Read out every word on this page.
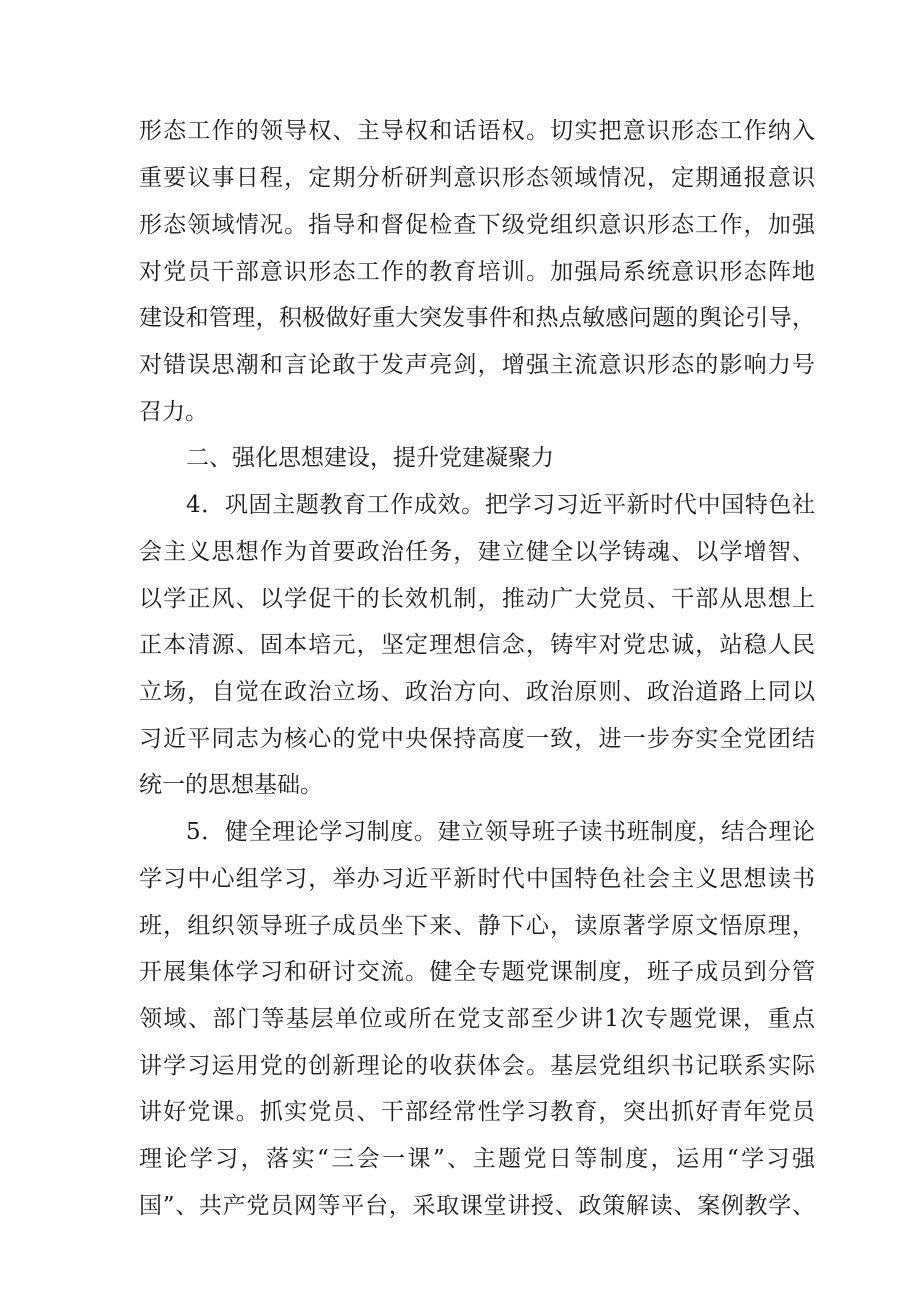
形态工作的领导权、主导权和话语权。切实把意识形态工作纳入
重要议事日程，定期分析研判意识形态领域情况，定期通报意识
形态领域情况。指导和督促检查下级党组织意识形态工作，加强
对党员干部意识形态工作的教育培训。加强局系统意识形态阵地
建设和管理，积极做好重大突发事件和热点敏感问题的舆论引导，
对错误思潮和言论敢于发声亮剑，增强主流意识形态的影响力号
召力。
二、强化思想建设，提升党建凝聚力
4．巩固主题教育工作成效。把学习习近平新时代中国特色社
会主义思想作为首要政治任务，建立健全以学铸魂、以学增智、
以学正风、以学促干的长效机制，推动广大党员、干部从思想上
正本清源、固本培元，坚定理想信念，铸牢对党忠诚，站稳人民
立场，自觉在政治立场、政治方向、政治原则、政治道路上同以
习近平同志为核心的党中央保持高度一致，进一步夯实全党团结
统一的思想基础。
5．健全理论学习制度。建立领导班子读书班制度，结合理论
学习中心组学习，举办习近平新时代中国特色社会主义思想读书
班，组织领导班子成员坐下来、静下心，读原著学原文悟原理，
开展集体学习和研讨交流。健全专题党课制度，班子成员到分管
领域、部门等基层单位或所在党支部至少讲1次专题党课，重点
讲学习运用党的创新理论的收获体会。基层党组织书记联系实际
讲好党课。抓实党员、干部经常性学习教育，突出抓好青年党员
理论学习，落实“三会一课”、主题党日等制度，运用“学习强
国”、共产党员网等平台，采取课堂讲授、政策解读、案例教学、
